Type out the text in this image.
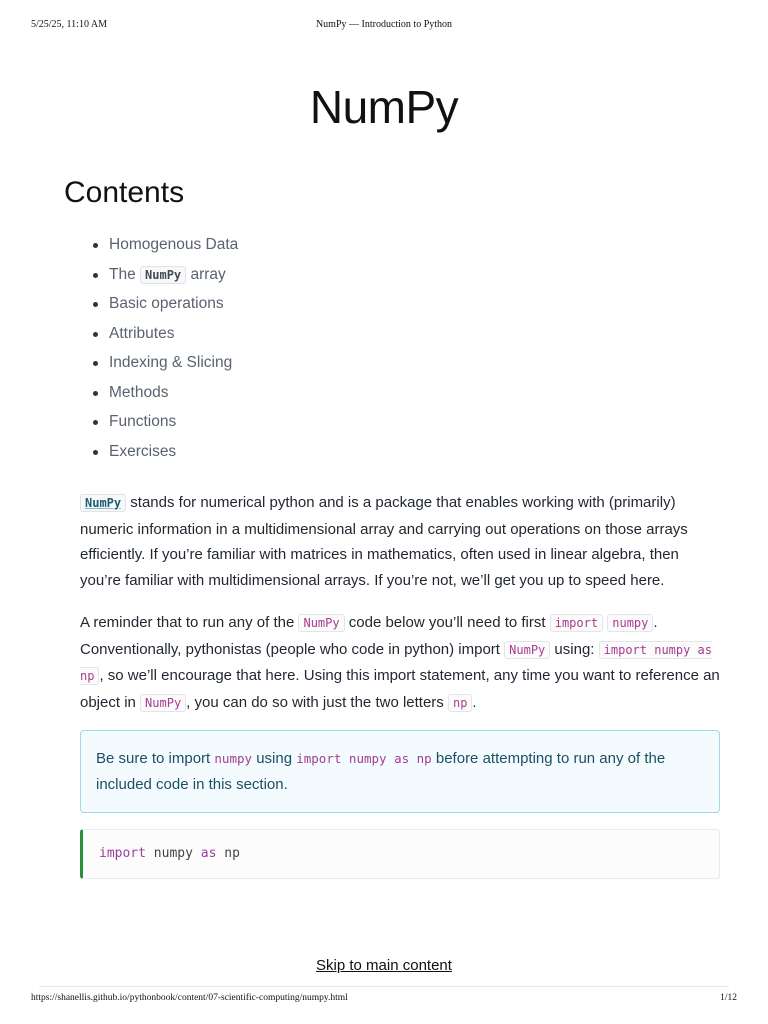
NumPy — Introduction to Python
5/25/25, 11:10 AM
NumPy
Contents
Homogenous Data
The NumPy array
Basic operations
Attributes
Indexing & Slicing
Methods
Functions
Exercises

NumPy stands for numerical python and is a package that enables working with (primarily) numeric information in a multidimensional array and carrying out operations on those arrays efficiently. If you’re familiar with matrices in mathematics, often used in linear algebra, then you’re familiar with multidimensional arrays. If you’re not, we’ll get you up to speed here.

A reminder that to run any of the NumPy code below you’ll need to first import numpy . Conventionally, pythonistas (people who code in python) import NumPy using: import numpy as np , so we’ll encourage that here. Using this import statement, any time you want to reference an object in NumPy , you can do so with just the two letters np .

Be sure to import numpy using import numpy as np before attempting to run any of the included code in this section.
import numpy as np
Skip to main content
https://shanellis.github.io/pythonbook/content/07-scientific-computing/numpy.html	1/12
